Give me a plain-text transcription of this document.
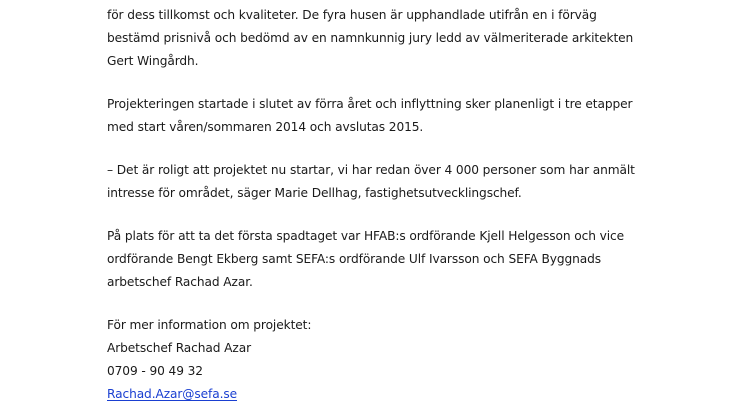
för dess tillkomst och kvaliteter. De fyra husen är upphandlade utifrån en i förväg
bestämd prisnivå och bedömd av en namnkunnig jury ledd av välmeriterade arkitekten
Gert Wingårdh.
Projekteringen startade i slutet av förra året och inflyttning sker planenligt i tre etapper
med start våren/sommaren 2014 och avslutas 2015.
– Det är roligt att projektet nu startar, vi har redan över 4 000 personer som har anmält
intresse för området, säger Marie Dellhag, fastighetsutvecklingschef.
På plats för att ta det första spadtaget var HFAB:s ordförande Kjell Helgesson och vice
ordförande Bengt Ekberg samt SEFA:s ordförande Ulf Ivarsson och SEFA Byggnads
arbetschef Rachad Azar.
För mer information om projektet:
Arbetschef Rachad Azar
0709 - 90 49 32
Rachad.Azar@sefa.se
